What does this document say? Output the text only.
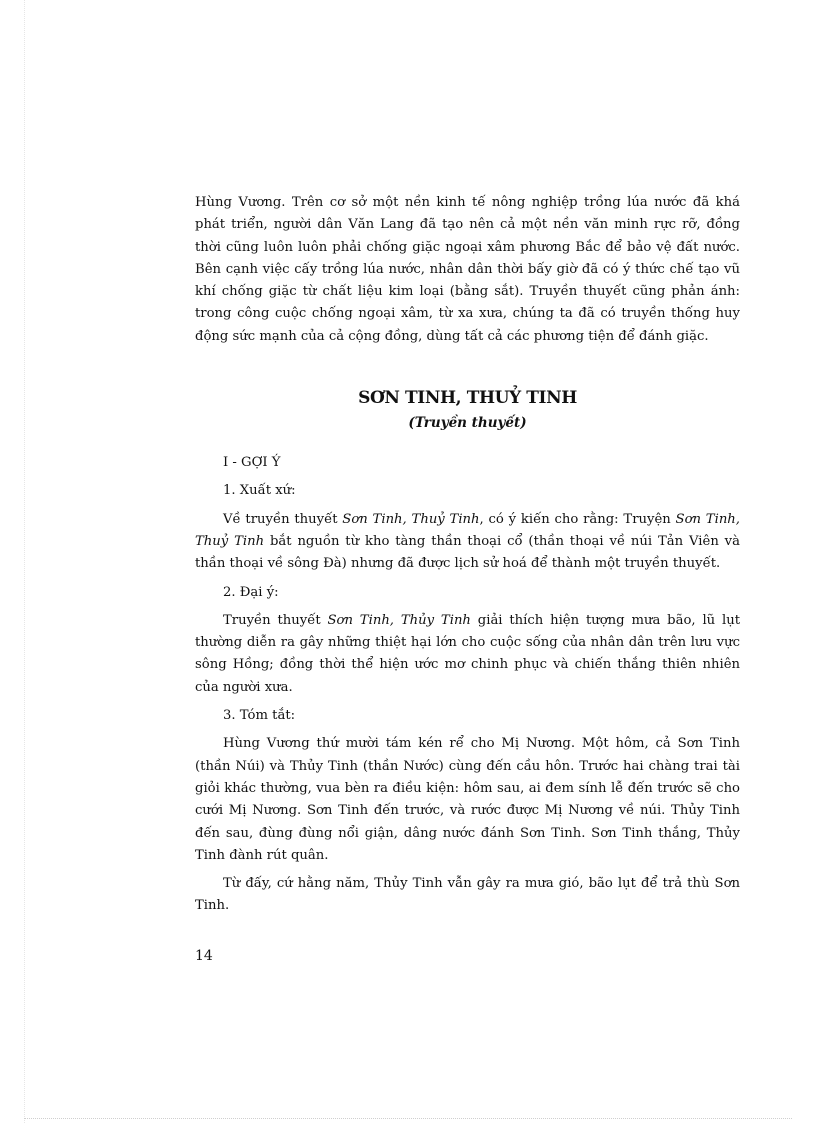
Hùng Vương. Trên cơ sở một nền kinh tế nông nghiệp trồng lúa nước đã khá phát triển, người dân Văn Lang đã tạo nên cả một nền văn minh rực rỡ, đồng thời cũng luôn luôn phải chống giặc ngoại xâm phương Bắc để bảo vệ đất nước. Bên cạnh việc cấy trồng lúa nước, nhân dân thời bấy giờ đã có ý thức chế tạo vũ khí chống giặc từ chất liệu kim loại (bằng sắt). Truyền thuyết cũng phản ánh: trong công cuộc chống ngoại xâm, từ xa xưa, chúng ta đã có truyền thống huy động sức mạnh của cả cộng đồng, dùng tất cả các phương tiện để đánh giặc.

SƠN TINH, THUỶ TINH
(Truyền thuyết)

I - GỢI Ý

1. Xuất xứ:

Về truyền thuyết Sơn Tinh, Thuỷ Tinh, có ý kiến cho rằng: Truyện Sơn Tinh, Thuỷ Tinh bắt nguồn từ kho tàng thần thoại cổ (thần thoại về núi Tản Viên và thần thoại về sông Đà) nhưng đã được lịch sử hoá để thành một truyền thuyết.

2. Đại ý:

Truyền thuyết Sơn Tinh, Thủy Tinh giải thích hiện tượng mưa bão, lũ lụt thường diễn ra gây những thiệt hại lớn cho cuộc sống của nhân dân trên lưu vực sông Hồng; đồng thời thể hiện ước mơ chinh phục và chiến thắng thiên nhiên của người xưa.

3. Tóm tắt:

Hùng Vương thứ mười tám kén rể cho Mị Nương. Một hôm, cả Sơn Tinh (thần Núi) và Thủy Tinh (thần Nước) cùng đến cầu hôn. Trước hai chàng trai tài giỏi khác thường, vua bèn ra điều kiện: hôm sau, ai đem sính lễ đến trước sẽ cho cưới Mị Nương. Sơn Tinh đến trước, và rước được Mị Nương về núi. Thủy Tinh đến sau, đùng đùng nổi giận, dâng nước đánh Sơn Tinh. Sơn Tinh thắng, Thủy Tinh đành rút quân.

Từ đấy, cứ hằng năm, Thủy Tinh vẫn gây ra mưa gió, bão lụt để trả thù Sơn Tinh.

14
